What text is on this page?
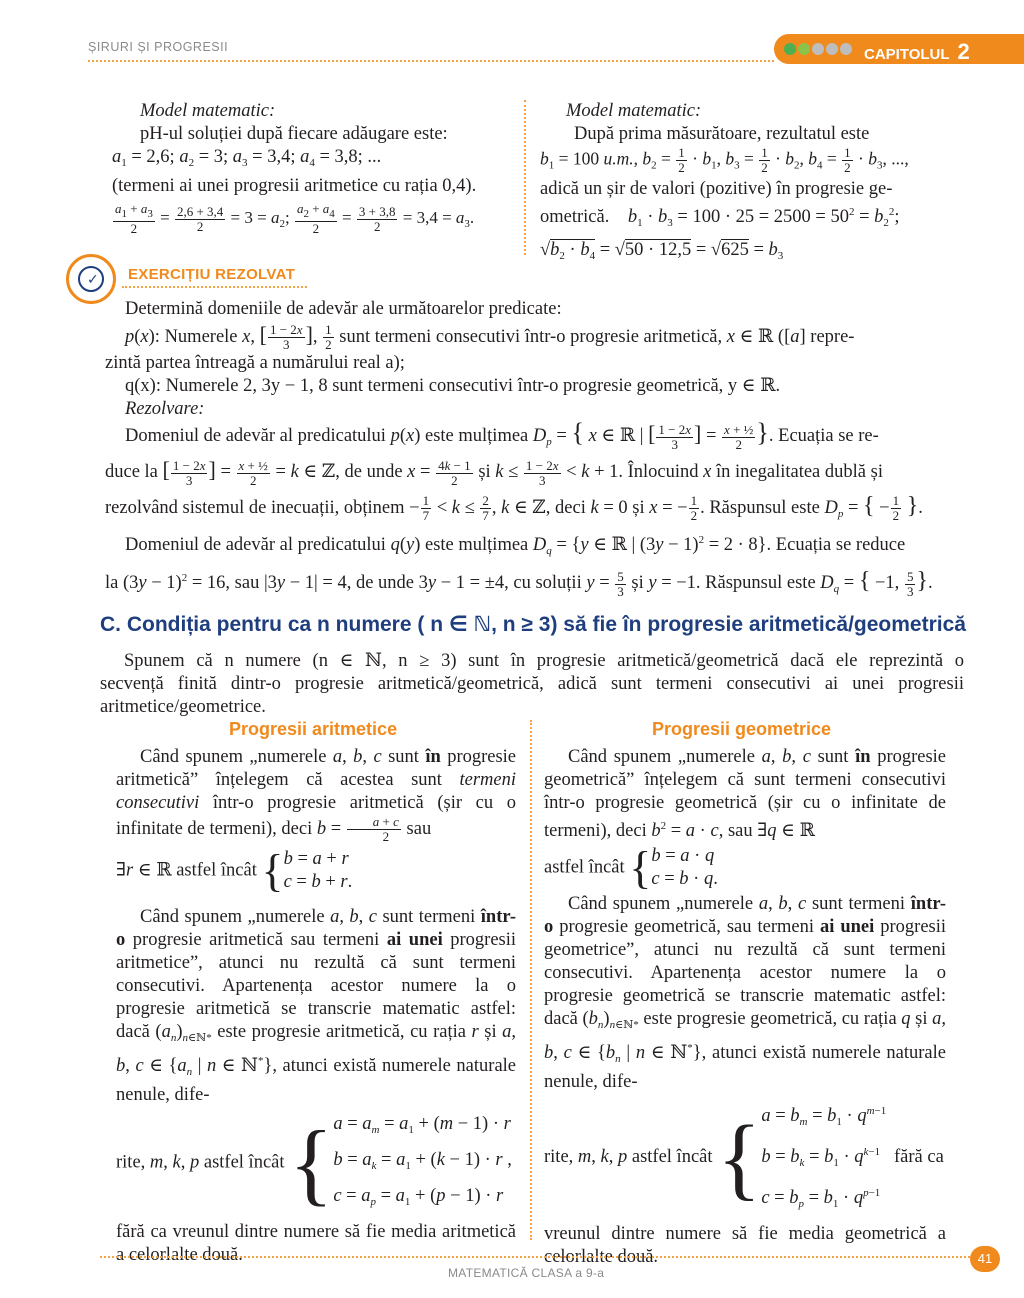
ȘIRURI ȘI PROGRESII	CAPITOLUL 2
Model matematic:
pH-ul soluției după fiecare adăugare este:
$a_1 = 2,6$; $a_2 = 3$; $a_3 = 3,4$; $a_4 = 3,8$; ...
(termeni ai unei progresii aritmetice cu rația 0,4).
$\frac{a_1 + a_3}{2} = \frac{2,6 + 3,4}{2} = 3 = a_2$; $\frac{a_2 + a_4}{2} = \frac{3 + 3,8}{2} = 3,4 = a_3$.
Model matematic:
După prima măsurătoare, rezultatul este
$b_1 = 100$ u.m., $b_2 = \frac{1}{2} \cdot b_1$, $b_3 = \frac{1}{2} \cdot b_2$, $b_4 = \frac{1}{2} \cdot b_3$, ...,
adică un șir de valori (pozitive) în progresie ge-
ometrică. $b_1 \cdot b_3 = 100 \cdot 25 = 2500 = 50^2 = b_2^2$;
$√b_2 \cdot b_4 = √50 \cdot 12,5 = √625 = b_3$
✓ EXERCIȚIU REZOLVAT
Determină domeniile de adevăr ale următoarelor predicate:
p(x): Numerele x, [ $\frac{1 - 2x}{3}$ ], $\frac{1}{2}$ sunt termeni consecutivi într-o progresie aritmetică, x ∈ ℝ ([a] repre-
zintă partea întreagă a numărului real a);
q(x): Numerele 2, 3y − 1, 8 sunt termeni consecutivi într-o progresie geometrică, y ∈ ℝ.
Rezolvare:
Domeniul de adevăr al predicatului p(x) este mulțimea $D_p$ = { x ∈ ℝ | [ $\frac{1 - 2x}{3}$ ] = $\frac{\text{x + ½}}{2}$ }. Ecuația se re-
duce la [ $\frac{1 - 2x}{3}$ ] = $\frac{\text{x + ½}}{2} = k$ ∈ ℤ, de unde $x = \frac{4k - 1}{2}$ și $k \le \frac{1 - 2x}{3} < k + 1$. Înlocuind x în inegalitatea dublă și
rezolvând sistemul de inecuații, obținem − $\frac{1}{7} < k \le \frac{2}{7}$ , k ∈ ℤ, deci k = 0 și x = − $\frac{1}{2}$ . Răspunsul este $D_p$ = { − $\frac{1}{2}$ }.
Domeniul de adevăr al predicatului q(y) este mulțimea $D_q = \{y$ ∈ ℝ | $(3y - 1)^2 = 2 \cdot 8$}. Ecuația se reduce
la $(3y - 1)^2 = 16$, sau |3y − 1| = 4, de unde 3y − 1 = ±4, cu soluții $y = \frac{5}{3}$ și y = −1. Răspunsul este $D_q$ = { −1, $\frac{5}{3}$ }.
C. Condiția pentru ca n numere ( n ∈ ℕ, n ≥ 3) să fie în progresie aritmetică/geometrică
Spunem că n numere (n ∈ ℕ, n ≥ 3) sunt în progresie aritmetică/geometrică dacă ele reprezintă o
secvență finită dintr-o progresie aritmetică/geometrică, adică sunt termeni consecutivi ai unei progresii
aritmetice/geometrice.
Progresii aritmetice	Progresii geometrice
Când spunem „numerele a, b, c sunt în progresie aritmetică” înțelegem că acestea sunt termeni consecutivi într-o progresie aritmetică (șir cu o infinitate de termeni), deci $b = \frac{a + c}{2}$ sau
∃r ∈ ℝ astfel încât { b = a + r
c = b + r.
Când spunem „numerele a, b, c sunt termeni într-o progresie aritmetică sau termeni ai unei progresii aritmetice”, atunci nu rezultă că sunt termeni consecutivi. Apartenența acestor numere la o progresie aritmetică se transcrie matematic astfel: dacă $(a_n)_{n\in ℕ*}$ este progresie aritmetică, cu rația r și a, b, c ∈ {$a_n$ | n ∈ ℕ*}, atunci există numerele naturale nenule, dife-
rite, m, k, p astfel încât { $a = a_m = a_1 + (m - 1) \cdot r$
$b = a_k = a_1 + (k - 1) \cdot r$ ,
$c = a_p = a_1 + (p - 1) \cdot r$
fără ca vreunul dintre numere să fie media aritmetică a celorlalte două.
Când spunem „numerele a, b, c sunt în progresie geometrică” înțelegem că sunt termeni consecutivi într-o progresie geometrică (șir cu o infinitate de termeni), deci $b^2 = a \cdot c$, sau ∃q ∈ ℝ
astfel încât { b = a · q
c = b · q.
Când spunem „numerele a, b, c sunt termeni într-o progresie geometrică, sau termeni ai unei progresii geometrice”, atunci nu rezultă că sunt termeni consecutivi. Apartenența acestor numere la o progresie geometrică se transcrie matematic astfel: dacă $(b_n)_{n\in ℕ*}$ este progresie geometrică, cu rația q și a, b, c ∈ {$b_n$ | n ∈ ℕ*}, atunci există numerele naturale nenule, dife-
rite, m, k, p astfel încât { $a = b_m = b_1 \cdot q^{m-1}$
$b = b_k = b_1 \cdot q^{k-1}$   fără ca
$c = b_p = b_1 \cdot q^{p-1}$
vreunul dintre numere să fie media geometrică a celorlalte două.
MATEMATICĂ CLASA a 9-a
41
